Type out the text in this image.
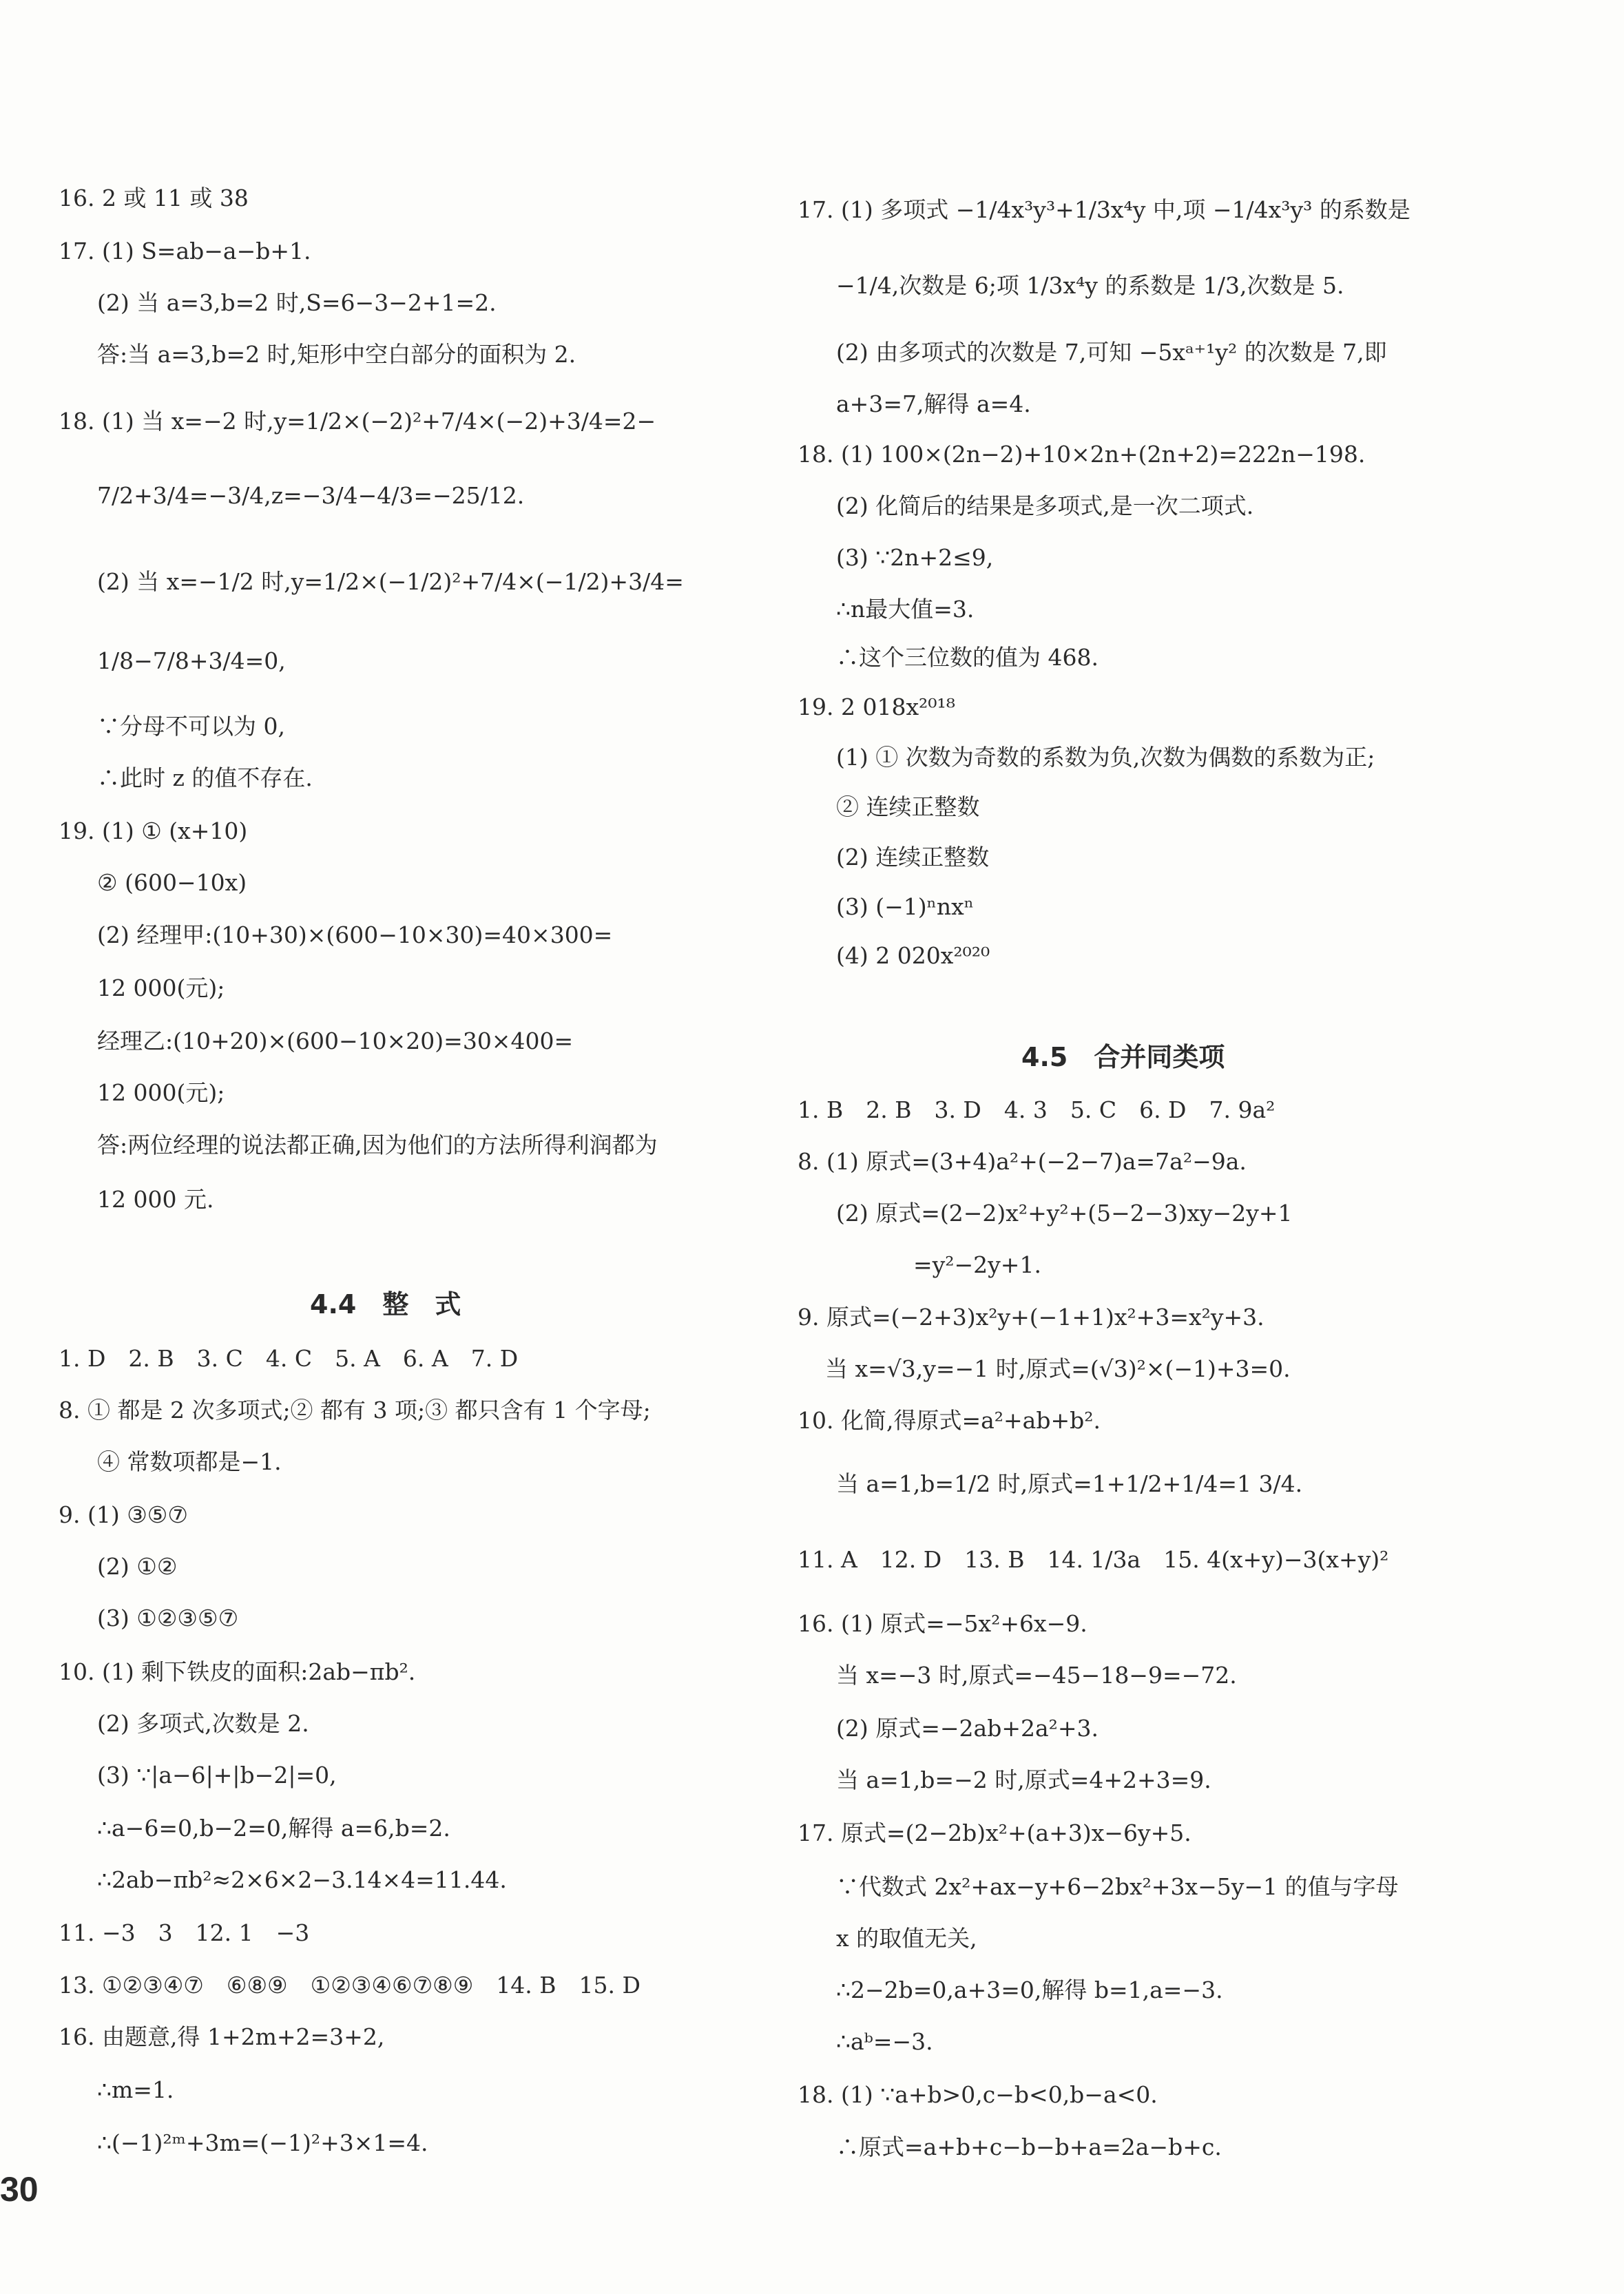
16. 2 或 11 或 38
17. (1) S=ab−a−b+1.
(2) 当 a=3,b=2 时,S=6−3−2+1=2.
答:当 a=3,b=2 时,矩形中空白部分的面积为 2.
18. (1) 当 x=−2 时,y=1/2×(−2)²+7/4×(−2)+3/4=2−
7/2+3/4=−3/4,z=−3/4−4/3=−25/12.
(2) 当 x=−1/2 时,y=1/2×(−1/2)²+7/4×(−1/2)+3/4=
1/8−7/8+3/4=0,
∵分母不可以为 0,
∴此时 z 的值不存在.
19. (1) ① (x+10)
② (600−10x)
(2) 经理甲:(10+30)×(600−10×30)=40×300=
12 000(元);
经理乙:(10+20)×(600−10×20)=30×400=
12 000(元);
答:两位经理的说法都正确,因为他们的方法所得利润都为
12 000 元.
4.4　整　式
1. D　2. B　3. C　4. C　5. A　6. A　7. D
8. ① 都是 2 次多项式;② 都有 3 项;③ 都只含有 1 个字母;
④ 常数项都是−1.
9. (1) ③⑤⑦
(2) ①②
(3) ①②③⑤⑦
10. (1) 剩下铁皮的面积:2ab−πb².
(2) 多项式,次数是 2.
(3) ∵|a−6|+|b−2|=0,
∴a−6=0,b−2=0,解得 a=6,b=2.
∴2ab−πb²≈2×6×2−3.14×4=11.44.
11. −3　3　12. 1　−3
13. ①②③④⑦　⑥⑧⑨　①②③④⑥⑦⑧⑨　14. B　15. D
16. 由题意,得 1+2m+2=3+2,
∴m=1.
∴(−1)²ᵐ+3m=(−1)²+3×1=4.
17. (1) 多项式 −1/4x³y³+1/3x⁴y 中,项 −1/4x³y³ 的系数是
−1/4,次数是 6;项 1/3x⁴y 的系数是 1/3,次数是 5.
(2) 由多项式的次数是 7,可知 −5xᵃ⁺¹y² 的次数是 7,即
a+3=7,解得 a=4.
18. (1) 100×(2n−2)+10×2n+(2n+2)=222n−198.
(2) 化简后的结果是多项式,是一次二项式.
(3) ∵2n+2≤9,
∴n最大值=3.
∴这个三位数的值为 468.
19. 2 018x²⁰¹⁸
(1) ① 次数为奇数的系数为负,次数为偶数的系数为正;
② 连续正整数
(2) 连续正整数
(3) (−1)ⁿnxⁿ
(4) 2 020x²⁰²⁰
4.5　合并同类项
1. B　2. B　3. D　4. 3　5. C　6. D　7. 9a²
8. (1) 原式=(3+4)a²+(−2−7)a=7a²−9a.
(2) 原式=(2−2)x²+y²+(5−2−3)xy−2y+1
=y²−2y+1.
9. 原式=(−2+3)x²y+(−1+1)x²+3=x²y+3.
当 x=√3,y=−1 时,原式=(√3)²×(−1)+3=0.
10. 化简,得原式=a²+ab+b².
当 a=1,b=1/2 时,原式=1+1/2+1/4=1 3/4.
11. A　12. D　13. B　14. 1/3a　15. 4(x+y)−3(x+y)²
16. (1) 原式=−5x²+6x−9.
当 x=−3 时,原式=−45−18−9=−72.
(2) 原式=−2ab+2a²+3.
当 a=1,b=−2 时,原式=4+2+3=9.
17. 原式=(2−2b)x²+(a+3)x−6y+5.
∵代数式 2x²+ax−y+6−2bx²+3x−5y−1 的值与字母
x 的取值无关,
∴2−2b=0,a+3=0,解得 b=1,a=−3.
∴aᵇ=−3.
18. (1) ∵a+b>0,c−b<0,b−a<0.
∴原式=a+b+c−b−b+a=2a−b+c.
30
